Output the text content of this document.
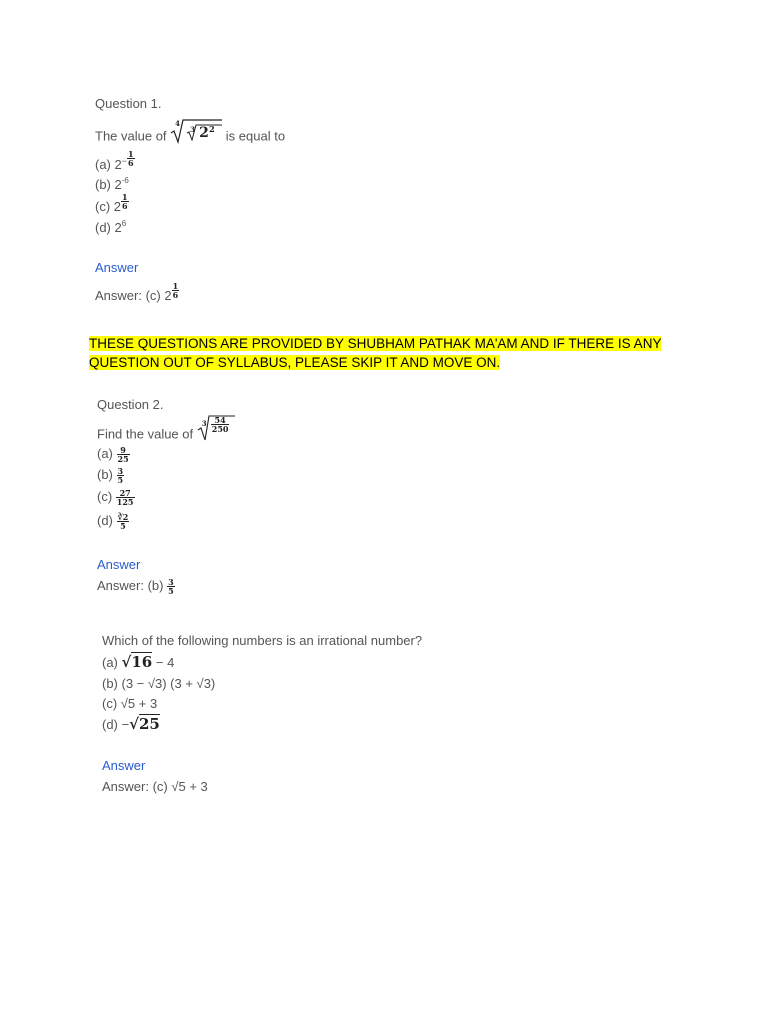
Question 1.
The value of
4
3 2 2 is equal to
(a) $2^- \frac{1}{6}$
(b) $2^{-6}$
(c) $2 \frac{1}{6}$
(d) $2^6$
Answer
Answer: (c) $2 \frac{1}{6}$
THESE QUESTIONS ARE PROVIDED BY SHUBHAM PATHAK MA'AM AND IF THERE IS ANY QUESTION OUT OF SYLLABUS, PLEASE SKIP IT AND MOVE ON.
Question 2.
Find the value of
$3 \frac{54}{250}$
$(a) \frac{9}{25}$
$(b) \frac{3}{5}$
$(c) \frac{27}{125}$
$(d) \frac{∛2}{5}$
Answer
Answer: $(b) \frac{3}{5}$
Which of the following numbers is an irrational number?
(a) √16 − 4
(b) (3 − √3) (3 + √3)
(c) √5 + 3
(d) −√25
Answer
Answer: (c) √5 + 3
